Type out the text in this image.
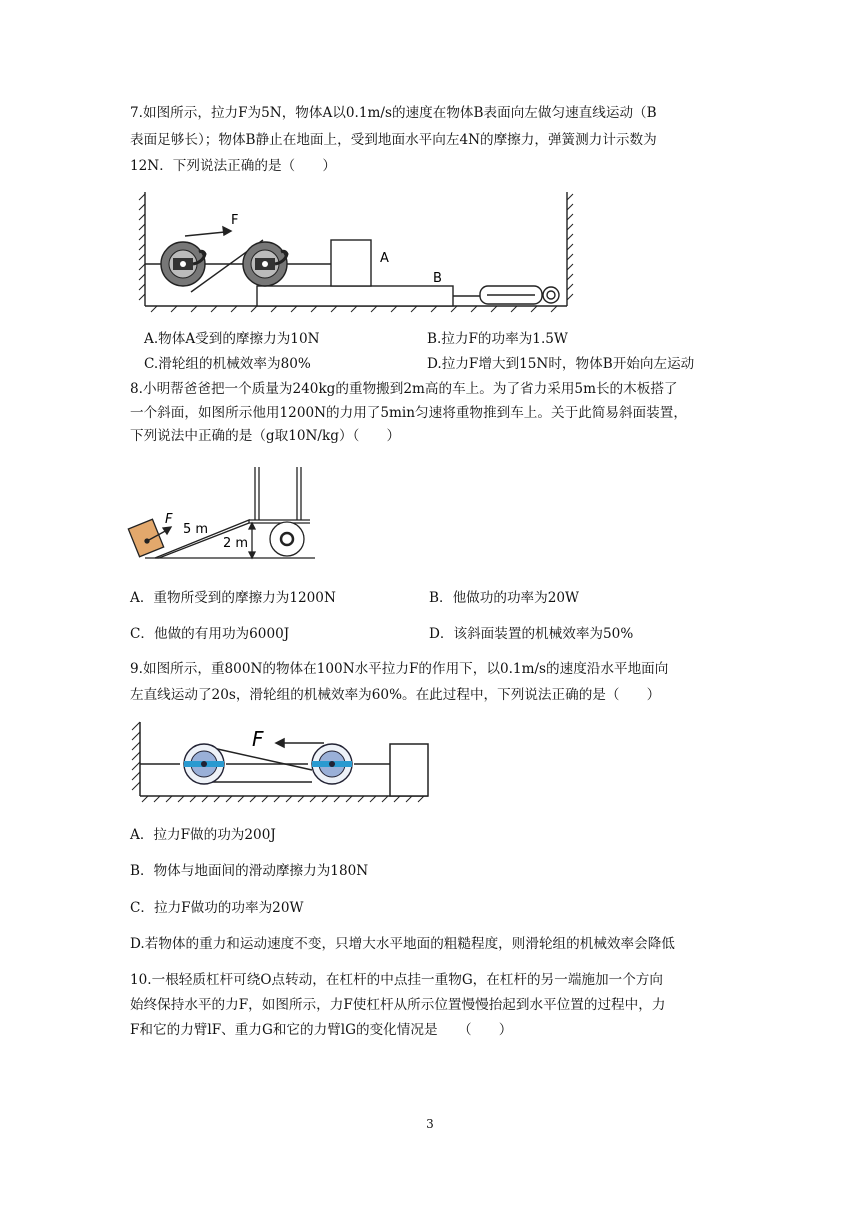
7.如图所示，拉力F为5N，物体A以0.1m/s的速度在物体B表面向左做匀速直线运动（B
表面足够长）；物体B静止在地面上，受到地面水平向左4N的摩擦力，弹簧测力计示数为
12N．下列说法正确的是（　　）
F
A
B
A.物体A受到的摩擦力为10N	B.拉力F的功率为1.5W
C.滑轮组的机械效率为80%	D.拉力F增大到15N时，物体B开始向左运动
8.小明帮爸爸把一个质量为240kg的重物搬到2m高的车上。为了省力采用5m长的木板搭了
一个斜面，如图所示他用1200N的力用了5min匀速将重物推到车上。关于此简易斜面装置，
下列说法中正确的是（g取10N/kg）（　　）
F
5 m
2 m
A．重物所受到的摩擦力为1200N	B．他做功的功率为20W
C．他做的有用功为6000J	D．该斜面装置的机械效率为50%
9.如图所示，重800N的物体在100N水平拉力F的作用下，以0.1m/s的速度沿水平地面向
左直线运动了20s，滑轮组的机械效率为60%。在此过程中，下列说法正确的是（　　）
F
A．拉力F做的功为200J
B．物体与地面间的滑动摩擦力为180N
C．拉力F做功的功率为20W
D.若物体的重力和运动速度不变，只增大水平地面的粗糙程度，则滑轮组的机械效率会降低
10.一根轻质杠杆可绕O点转动，在杠杆的中点挂一重物G，在杠杆的另一端施加一个方向
始终保持水平的力F，如图所示，力F使杠杆从所示位置慢慢抬起到水平位置的过程中，力
F和它的力臂lF、重力G和它的力臂lG的变化情况是　　（　　）
3
